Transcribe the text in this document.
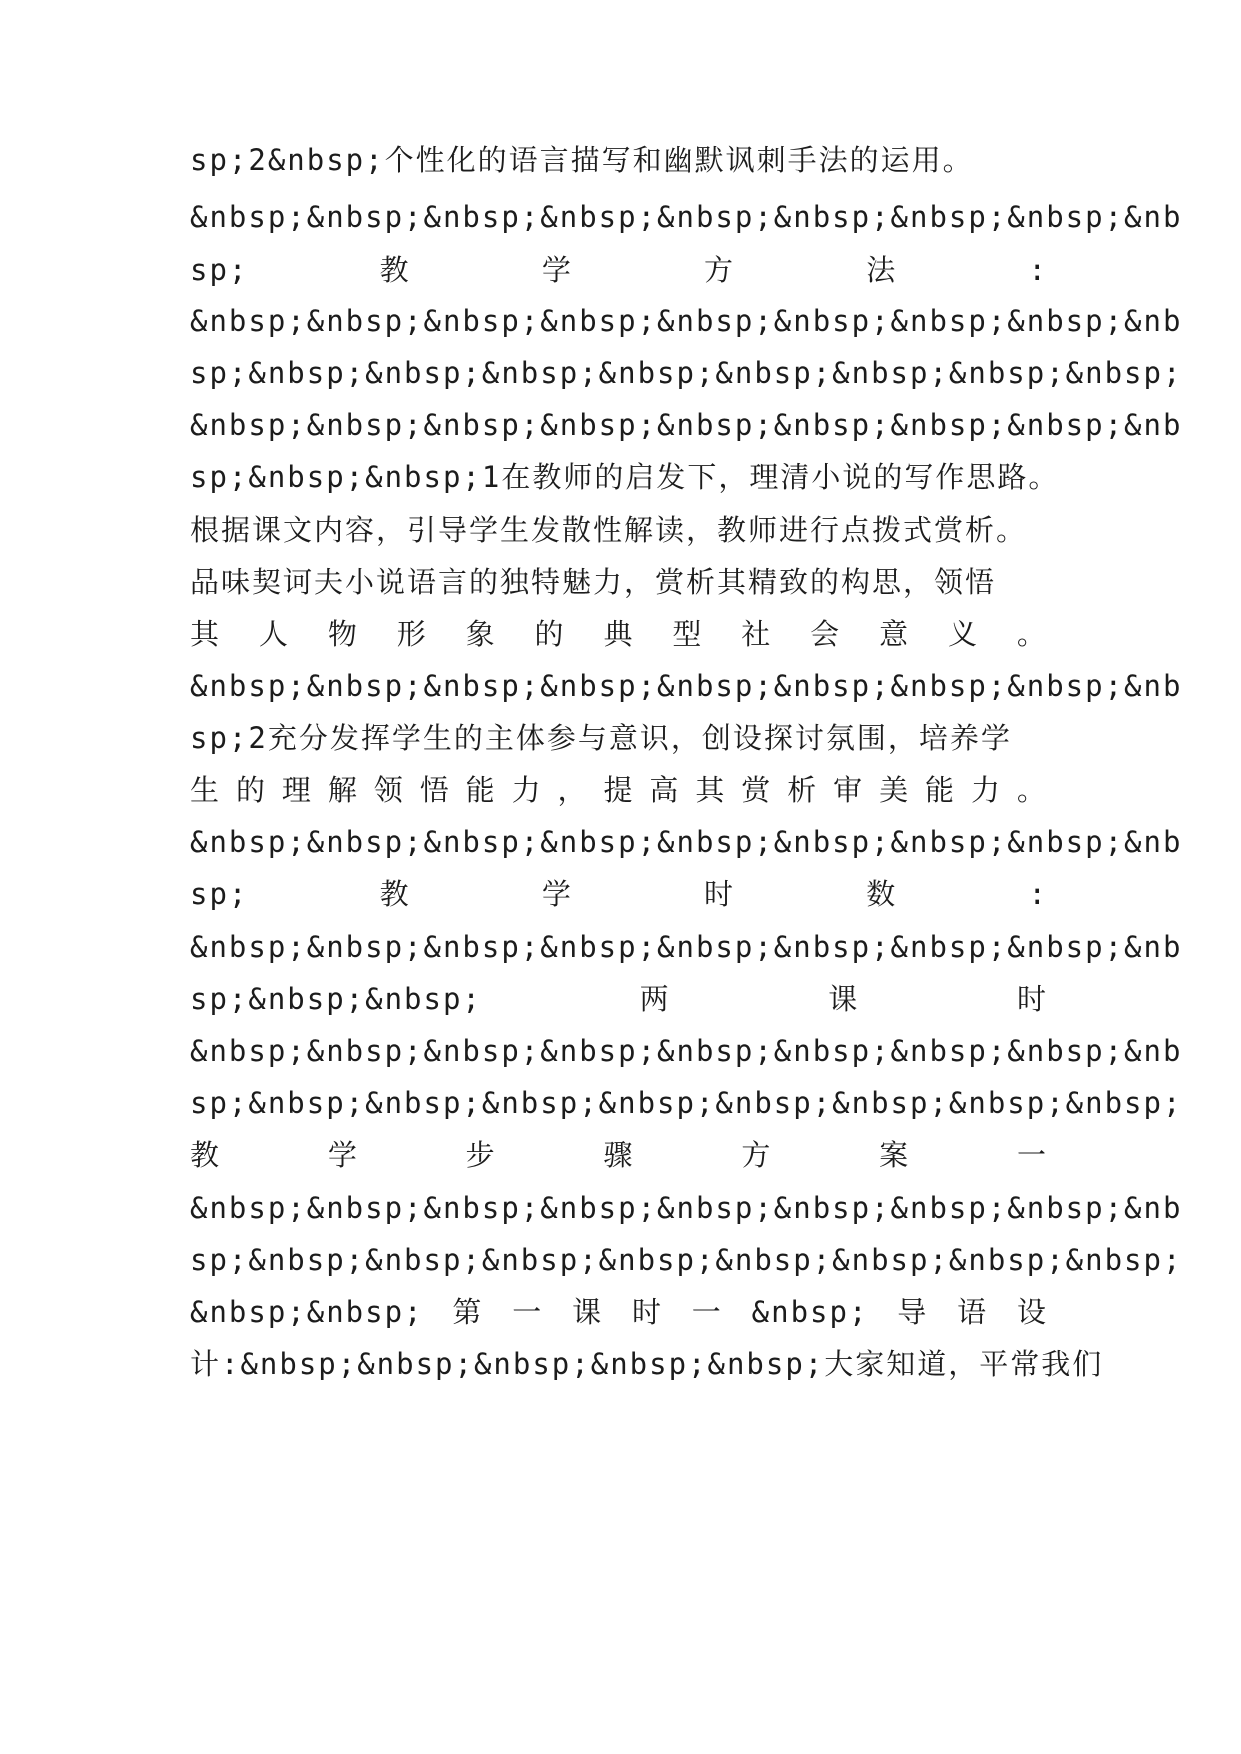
sp;2&nbsp;个性化的语言描写和幽默讽刺手法的运用。
&nbsp;&nbsp;&nbsp;&nbsp;&nbsp;&nbsp;&nbsp;&nbsp;&nb
sp;	教	学	方	法	:
&nbsp;&nbsp;&nbsp;&nbsp;&nbsp;&nbsp;&nbsp;&nbsp;&nb
sp;&nbsp;&nbsp;&nbsp;&nbsp;&nbsp;&nbsp;&nbsp;&nbsp;
&nbsp;&nbsp;&nbsp;&nbsp;&nbsp;&nbsp;&nbsp;&nbsp;&nb
sp;&nbsp;&nbsp;1在教师的启发下，理清小说的写作思路。
根据课文内容，引导学生发散性解读，教师进行点拨式赏析。
品味契诃夫小说语言的独特魅力，赏析其精致的构思，领悟
其 人 物 形 象 的 典 型 社 会 意 义 。
&nbsp;&nbsp;&nbsp;&nbsp;&nbsp;&nbsp;&nbsp;&nbsp;&nb
sp;2充分发挥学生的主体参与意识，创设探讨氛围，培养学
生 的 理 解 领 悟 能 力 ， 提 高 其 赏 析 审 美 能 力 。
&nbsp;&nbsp;&nbsp;&nbsp;&nbsp;&nbsp;&nbsp;&nbsp;&nb
sp;	教	学	时	数	:
&nbsp;&nbsp;&nbsp;&nbsp;&nbsp;&nbsp;&nbsp;&nbsp;&nb
sp;&nbsp;&nbsp;	两	课	时
&nbsp;&nbsp;&nbsp;&nbsp;&nbsp;&nbsp;&nbsp;&nbsp;&nb
sp;&nbsp;&nbsp;&nbsp;&nbsp;&nbsp;&nbsp;&nbsp;&nbsp;
教	学	步	骤	方	案	一
&nbsp;&nbsp;&nbsp;&nbsp;&nbsp;&nbsp;&nbsp;&nbsp;&nb
sp;&nbsp;&nbsp;&nbsp;&nbsp;&nbsp;&nbsp;&nbsp;&nbsp;
&nbsp;&nbsp; 第 一 课 时 一 &nbsp; 导 语 设
计:&nbsp;&nbsp;&nbsp;&nbsp;&nbsp;大家知道，平常我们
